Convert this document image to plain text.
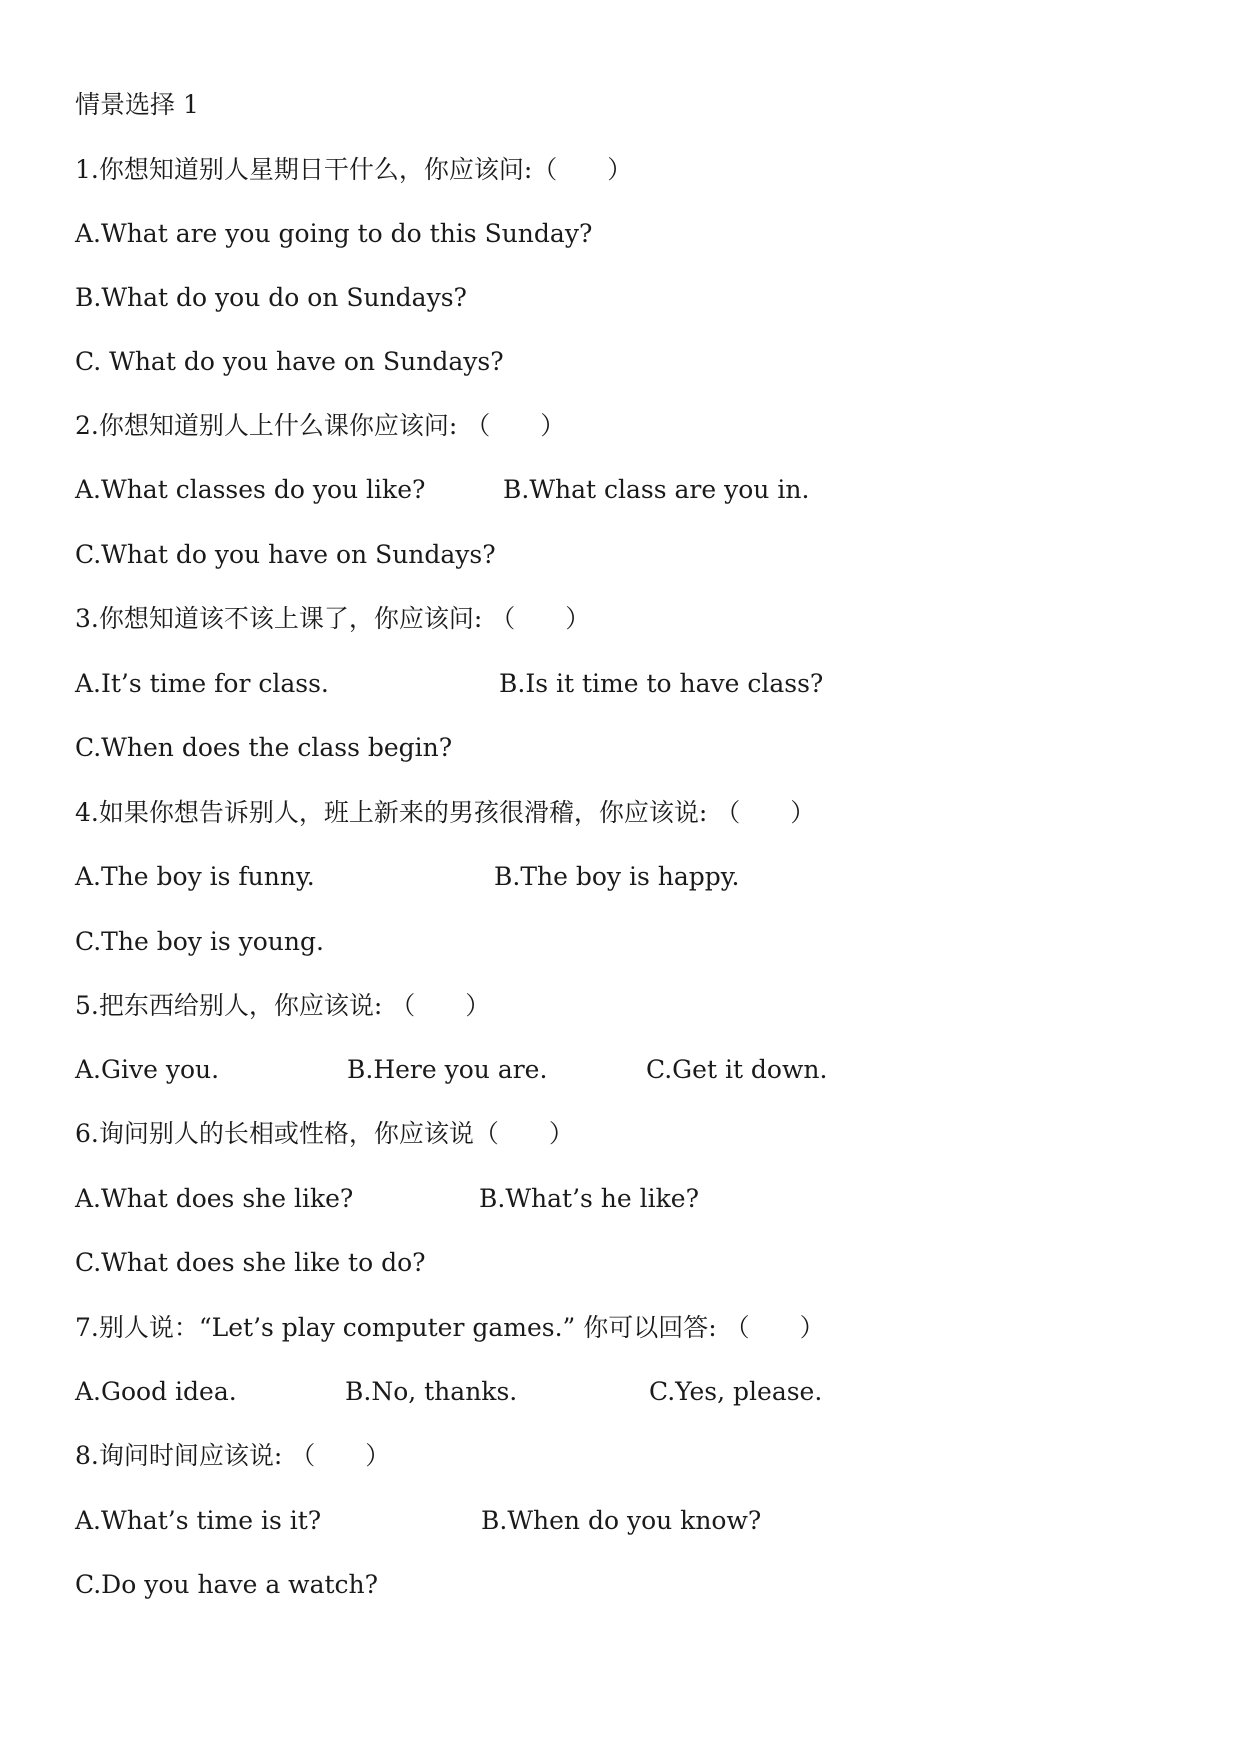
情景选择 1
1.你想知道别人星期日干什么，你应该问:（　　）
A.What are you going to do this Sunday?
B.What do you do on Sundays?
C. What do you have on Sundays?
2.你想知道别人上什么课你应该问: （　　）
A.What classes do you like?	B.What class are you in.
C.What do you have on Sundays?
3.你想知道该不该上课了，你应该问: （　　）
A.It’s time for class.	B.Is it time to have class?
C.When does the class begin?
4.如果你想告诉别人，班上新来的男孩很滑稽，你应该说: （　　）
A.The boy is funny.	B.The boy is happy.
C.The boy is young.
5.把东西给别人，你应该说: （　　）
A.Give you.	B.Here you are.	C.Get it down.
6.询问别人的长相或性格，你应该说（　　）
A.What does she like?	B.What’s he like?
C.What does she like to do?
7.别人说：“Let’s play computer games.” 你可以回答: （　　）
A.Good idea.	B.No, thanks.	C.Yes, please.
8.询问时间应该说: （　　）
A.What’s time is it?	B.When do you know?
C.Do you have a watch?
